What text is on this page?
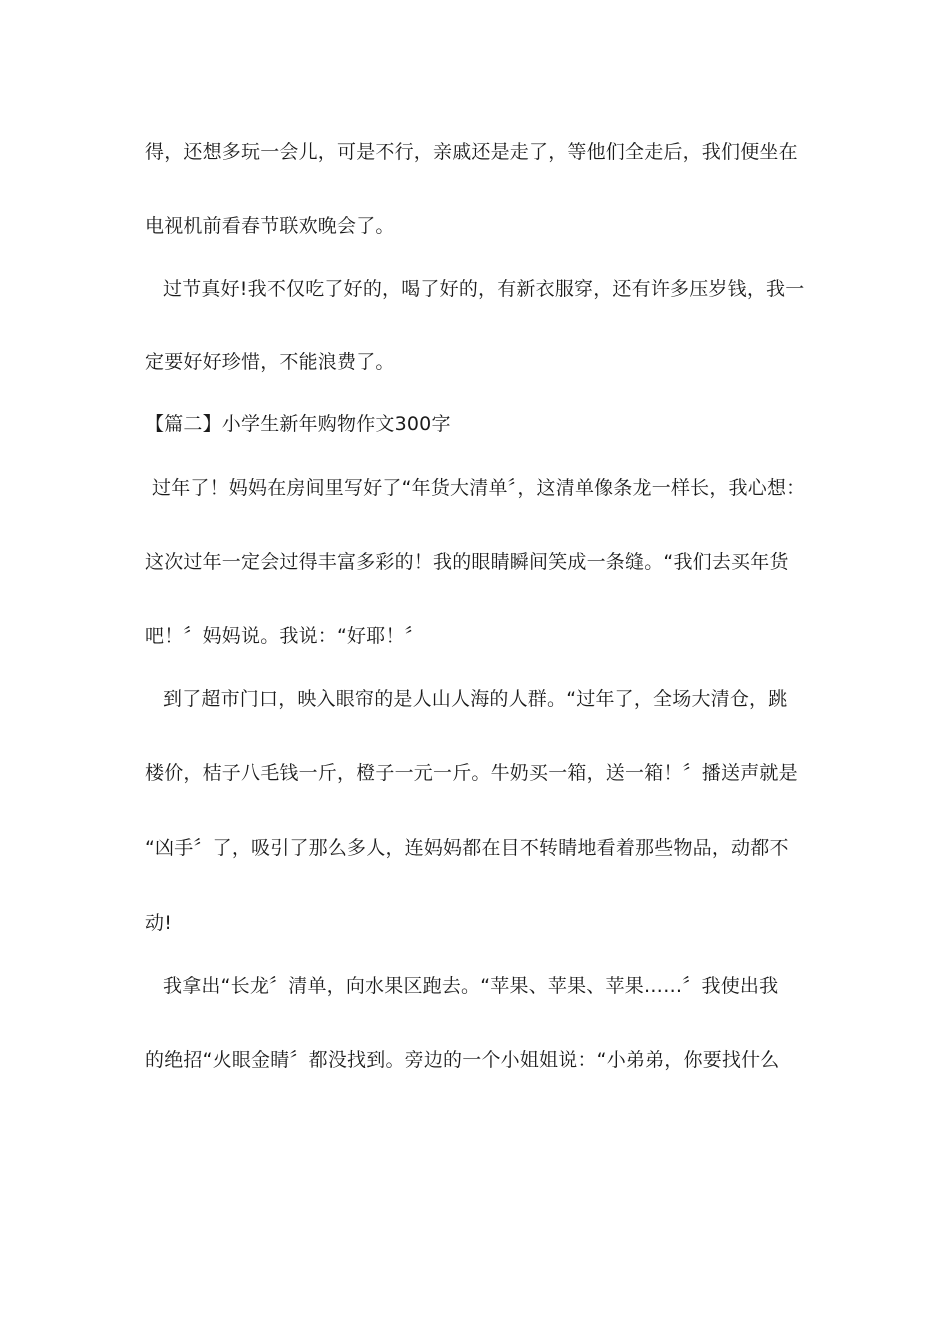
得，还想多玩一会儿，可是不行，亲戚还是走了，等他们全走后，我们便坐在
电视机前看春节联欢晚会了。
过节真好!我不仅吃了好的，喝了好的，有新衣服穿，还有许多压岁钱，我一
定要好好珍惜，不能浪费了。
【篇二】小学生新年购物作文300字
过年了！妈妈在房间里写好了“年货大清单〞，这清单像条龙一样长，我心想：
这次过年一定会过得丰富多彩的！我的眼睛瞬间笑成一条缝。“我们去买年货
吧！〞妈妈说。我说：“好耶！〞
到了超市门口，映入眼帘的是人山人海的人群。“过年了，全场大清仓，跳
楼价，桔子八毛钱一斤，橙子一元一斤。牛奶买一箱，送一箱！〞播送声就是
“凶手〞了，吸引了那么多人，连妈妈都在目不转睛地看着那些物品，动都不
动!
我拿出“长龙〞清单，向水果区跑去。“苹果、苹果、苹果……〞我使出我
的绝招“火眼金睛〞都没找到。旁边的一个小姐姐说：“小弟弟，你要找什么
